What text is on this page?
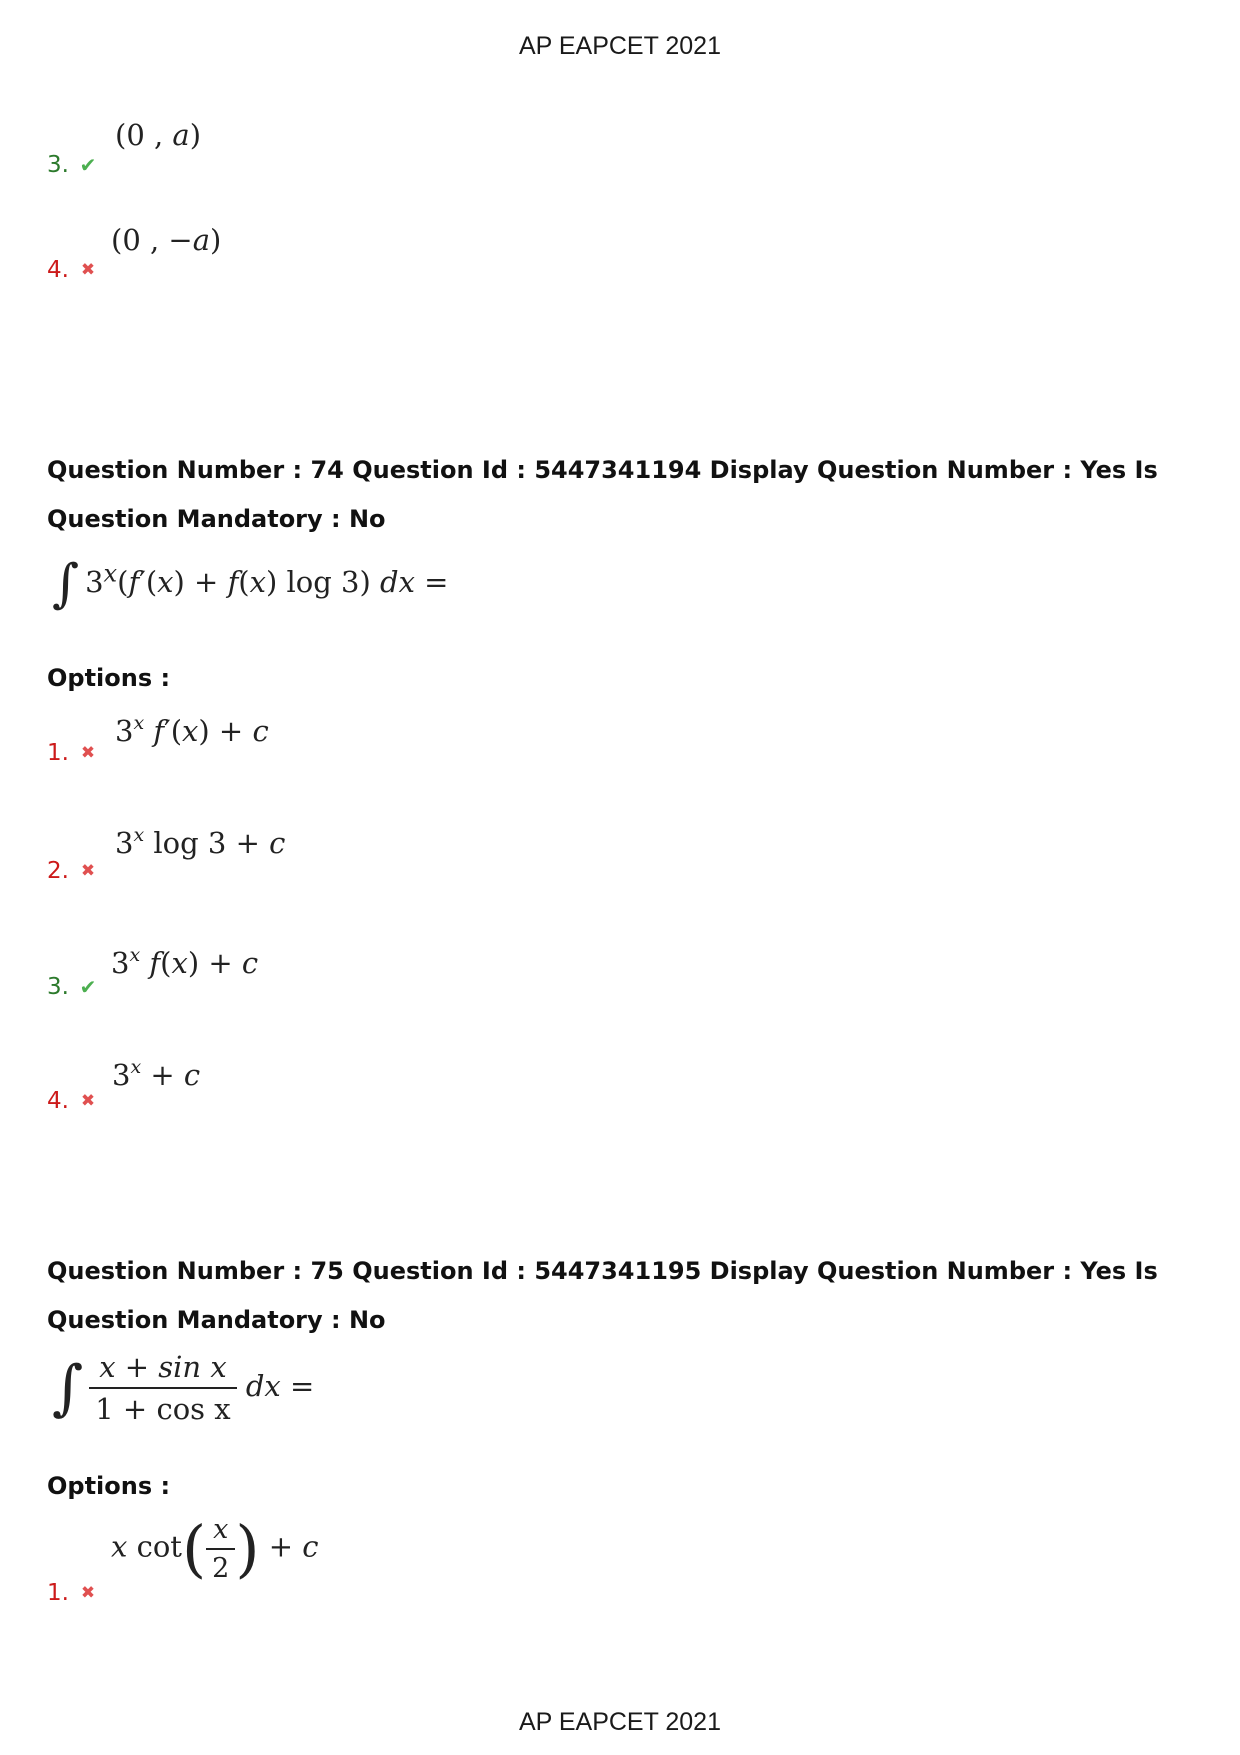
AP EAPCET 2021
3. ✔
(0 , a)
4. ✖
(0 , −a)
Question Number : 74 Question Id : 5447341194 Display Question Number : Yes Is Question Mandatory : No
∫ $3^x(f'(x) + f(x)$ log 3) dx =
Options :
1. ✖
3$^x$ f′(x) + c
2. ✖
3$^x$ log 3 + c
3. ✔
3$^x$ f(x) + c
4. ✖
$3^x + c$
Question Number : 75 Question Id : 5447341195 Display Question Number : Yes Is Question Mandatory : No
∫ $\frac{\text{x + sin x}}{\text{1 + cos x}}$ dx =
Options :
1. ✖
x $\cot( \frac{x}{2}$ ) + c
AP EAPCET 2021
